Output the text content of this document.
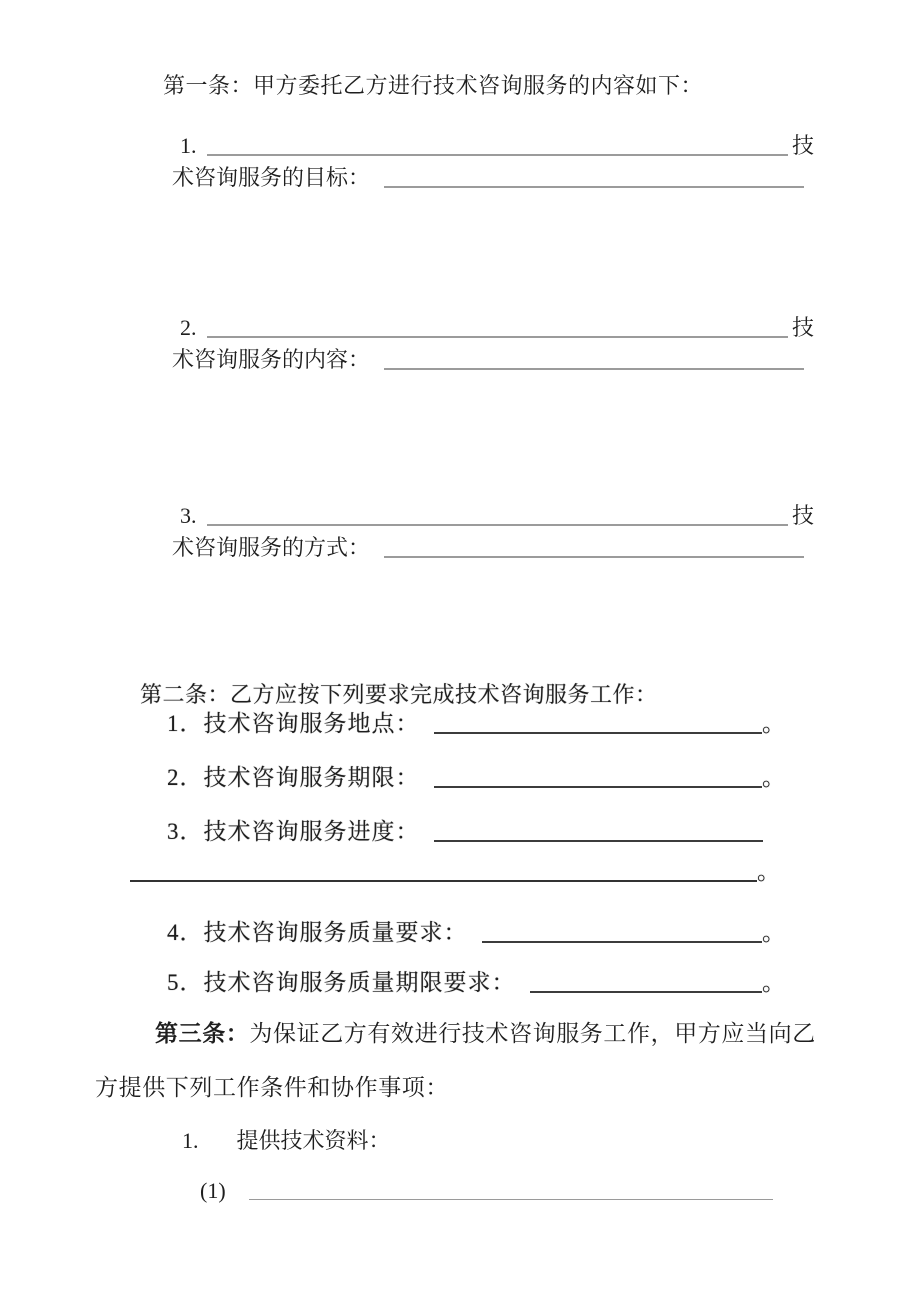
第一条：甲方委托乙方进行技术咨询服务的内容如下：
1.	技
术咨询服务的目标：
2.	技
术咨询服务的内容：
3.	技
术咨询服务的方式：
第二条：乙方应按下列要求完成技术咨询服务工作：
1．技术咨询服务地点：	。
2．技术咨询服务期限：	。
3．技术咨询服务进度：
。
4．技术咨询服务质量要求：	。
5．技术咨询服务质量期限要求：	。
第三条：为保证乙方有效进行技术咨询服务工作，甲方应当向乙
方提供下列工作条件和协作事项：
1. 提供技术资料：
(1)
